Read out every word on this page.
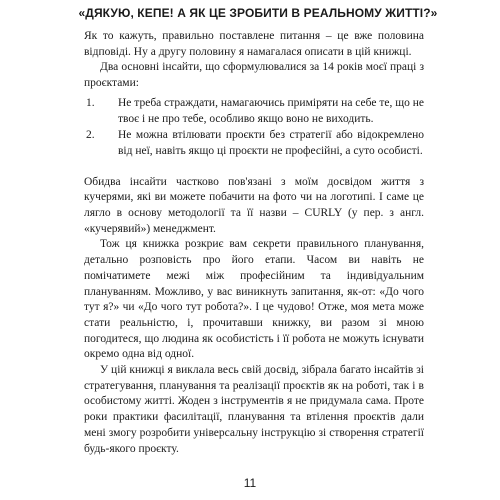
«ДЯКУЮ, КЕПЕ! А ЯК ЦЕ ЗРОБИТИ В РЕАЛЬНОМУ ЖИТТІ?»

Як то кажуть, правильно поставлене питання – це вже половина відповіді. Ну а другу половину я намагалася описати в цій книжці.

Два основні інсайти, що сформулювалися за 14 років моєї праці з проєктами:

1.	Не треба страждати, намагаючись приміряти на себе те, що не твоє і не про тебе, особливо якщо воно не виходить.
2.	Не можна втілювати проєкти без стратегії або відокремлено від неї, навіть якщо ці проєкти не професійні, а суто особисті.

Обидва інсайти частково пов'язані з моїм досвідом життя з кучерями, які ви можете побачити на фото чи на логотипі. І саме це лягло в основу методології та її назви – CURLY (у пер. з англ. «кучерявий») менеджмент.

Тож ця книжка розкриє вам секрети правильного планування, детально розповість про його етапи. Часом ви навіть не помічатимете межі між професійним та індивідуальним плануванням. Можливо, у вас виникнуть запитання, як-от: «До чого тут я?» чи «До чого тут робота?». І це чудово! Отже, моя мета може стати реальністю, і, прочитавши книжку, ви разом зі мною погодитеся, що людина як особистість і її робота не можуть існувати окремо одна від одної.

У цій книжці я виклала весь свій досвід, зібрала багато інсайтів зі стратегування, планування та реалізації проєктів як на роботі, так і в особистому житті. Жоден з інструментів я не придумала сама. Проте роки практики фасилітації, планування та втілення проєктів дали мені змогу розробити універсальну інструкцію зі створення стратегії будь-якого проєкту.

11
